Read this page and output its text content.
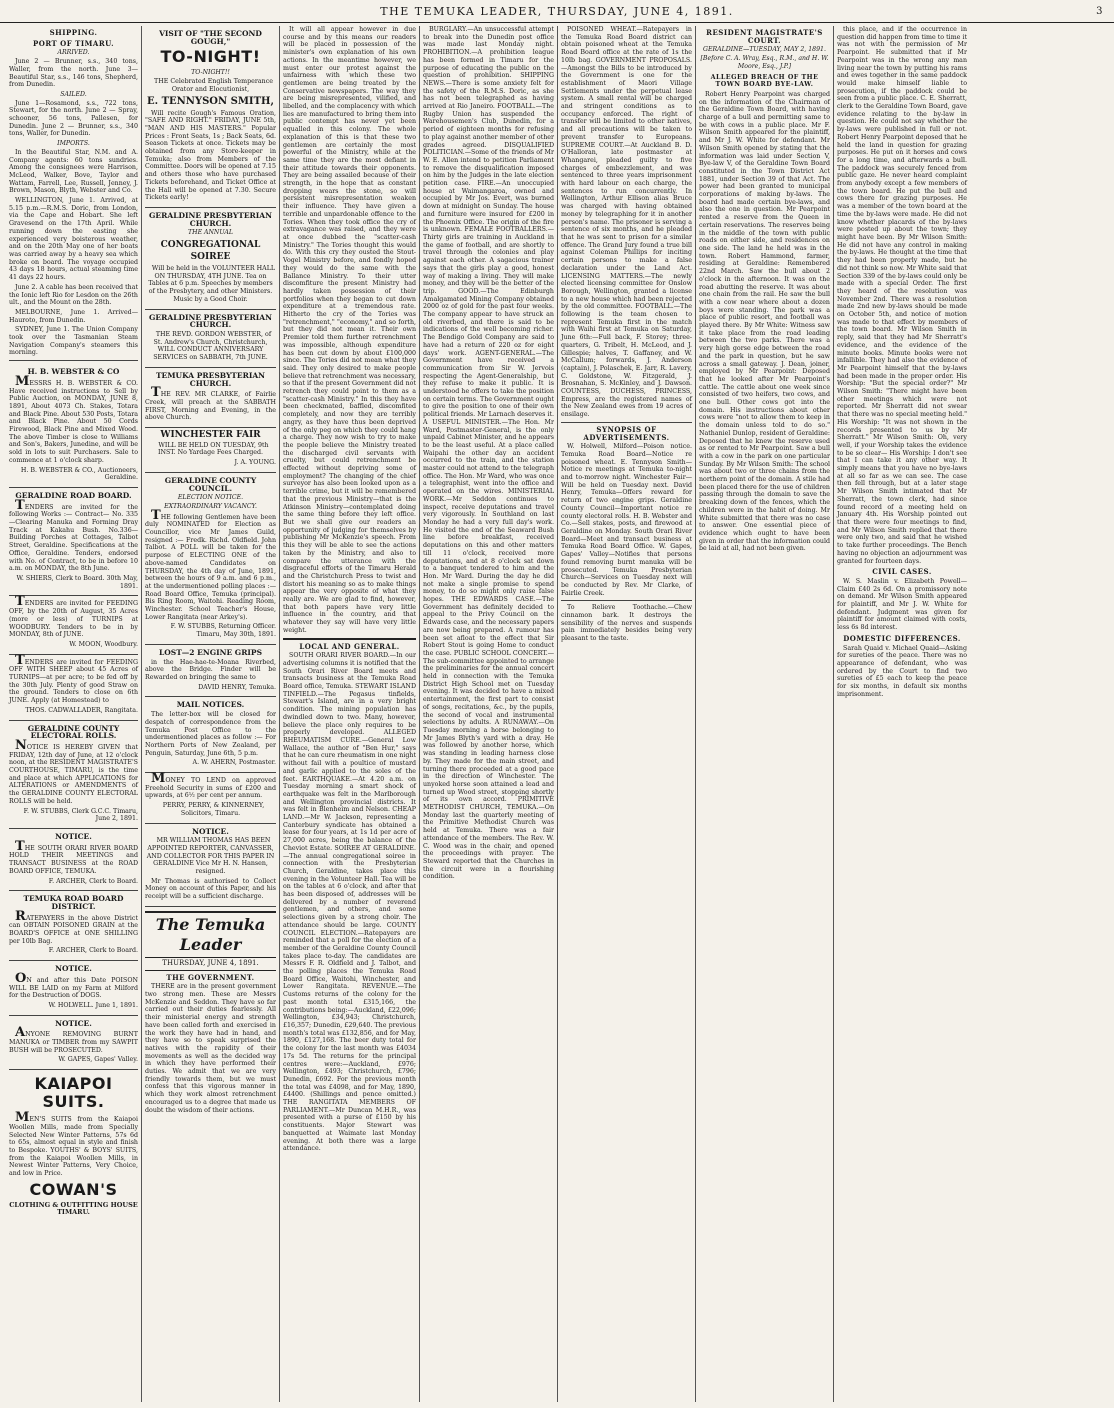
THE TEMUKA LEADER, THURSDAY, JUNE 4, 1891.	3
SHIPPING.
PORT OF TIMARU.
ARRIVED.

June 2 — Brunner, s.s., 340 tons, Waller, from the north. June 3—Beautiful Star, s.s., 146 tons, Shepherd, from Dunedin.

SAILED.

June 1—Rosamond, s.s., 722 tons, Stewart, for the north. June 2 — Spray, schooner, 56 tons, Pallesen, for Dunedin. June 2 — Brunner, s.s., 340 tons, Waller, for Dunedin.

IMPORTS.

In the Beautiful Star, N.M. and A. Company agents: 60 tons sundries. Among the consignees were Harrison, McLeod, Walker, Bove, Taylor and Wattam, Farrell, Lee, Russell, Jenney, J. Brown, Mason, Blyth, Webster and Co.

WELLINGTON, June 1. Arrived, at 5.15 p.m.—R.M.S. Doric, from London, via the Cape and Hobart. She left Gravesend on the 17th April. While running down the easting she experienced very boisterous weather, and on the 20th May one of her boats was carried away by a heavy sea which broke on board. The voyage occupied 43 days 18 hours, actual steaming time 41 days 22 hours.

June 2. A cable has been received that the Ionic left Rio for Lesdon on the 26th ult., and the Mount on the 28th.

MELBOURNE, June 1. Arrived—Hauroto, from Dunedin.

SYDNEY, June 1. The Union Company took over the Tasmanian Steam Navigation Company's steamers this morning.

H. B. WEBSTER & CO

MESSRS H. B. WEBSTER & CO. Have received instructions to Sell by Public Auction, on MONDAY, JUNE 8, 1891, About 4073 Ch. Stakes, Totara and Black Pine. About 530 Posts, Totara and Black Pine. About 50 Cords Firewood, Black Pine and Mixed Wood. The above Timber is close to Williams and Son's, Bakers, Junedine, and will be sold in lots to suit Purchasers. Sale to commence at 1 o'clock sharp.

H. B. WEBSTER & CO., Auctioneers, Geraldine.

GERALDINE ROAD BOARD.

TENDERS are invited for the following Works :— Contract— No. 335—Clearing Manuka and Forming Dray Track at Kakahu Bush. No.336—Building Porches at Cottages, Talbot Street, Geraldine. Specifications at the Office, Geraldine. Tenders, endorsed with No. of Contract, to be in before 10 a.m. on MONDAY, the 8th June.

W. SHIERS, Clerk to Board. 30th May, 1891.

TENDERS are invited for FEEDING OFF, by the 20th of August, 35 Acres (more or less) of TURNIPS at WOODBURY. Tenders to be in by MONDAY, 8th of JUNE.

W. MOON, Woodbury.

TENDERS are invited for FEEDING OFF WITH SHEEP about 45 Acres of TURNIPS—at per acre; to be fed off by the 30th July. Plenty of good Straw on the ground. Tenders to close on 6th JUNE. Apply (at Homestead) to

THOS. CADWALLADER, Rangitata.

GERALDINE COUNTY ELECTORAL ROLLS.

NOTICE IS HEREBY GIVEN that FRIDAY, 12th day of June, at 12 o'clock noon, at the RESIDENT MAGISTRATE'S COURTHOUSE, TIMARU, is the time and place at which APPLICATIONS for ALTERATIONS or AMENDMENTS of the GERALDINE COUNTY ELECTORAL ROLLS will be held.

F. W. STUBBS, Clerk G.C.C. Timaru, June 2, 1891.

NOTICE.

THE SOUTH ORARI RIVER BOARD HOLD THEIR MEETINGS and TRANSACT BUSINESS at the ROAD BOARD OFFICE, TEMUKA.

F. ARCHER, Clerk to Board.

TEMUKA ROAD BOARD DISTRICT.

RATEPAYERS in the above District can OBTAIN POISONED GRAIN at the BOARD'S OFFICE at ONE SHILLING per 10lb Bag.

F. ARCHER, Clerk to Board.

NOTICE.

ON and after this Date POISON WILL BE LAID on my Farm at Milford for the Destruction of DOGS.

W. HOLWELL. June 1, 1891.

NOTICE.

ANYONE REMOVING BURNT MANUKA or TIMBER from my SAWPIT BUSH will be PROSECUTED.

W. GAPES, Gapes' Valley.

KAIAPOI SUITS.

MEN'S SUITS from the Kaiapoi Woollen Mills, made from Specially Selected New Winter Patterns, 57s 6d to 65s, almost equal in style and finish to Bespoke. YOUTHS' & BOYS' SUITS, from the Kaiapoi Woollen Mills, in Newest Winter Patterns, Very Choice, and low in Price.

COWAN'S
CLOTHING & OUTFITTING HOUSE TIMARU.
VISIT OF "THE SECOND GOUGH,"
TO-NIGHT!
TO-NIGHT!!

THE Celebrated English Temperance Orator and Elocutionist,

E. TENNYSON SMITH,

Will recite Gough's Famous Oration, "SAFE AND RIGHT." FRIDAY, JUNE 5th, "MAN AND HIS MASTERS." Popular Prices : Front Seats, 1s ; Back Seats, 6d. Season Tickets at once. Tickets may be obtained from any Store-keeper in Temuka; also from Members of the Committee. Doors will be opened at 7.15 and others those who have purchased Tickets beforehand, and Ticket Office at the Hall will be opened at 7.30. Secure Tickets early!

GERALDINE PRESBYTERIAN CHURCH.
THE ANNUAL
CONGREGATIONAL SOIREE

Will be held in the VOLUNTEER HALL ON THURSDAY, 4TH JUNE. Tea on Tables at 6 p.m. Speeches by members of the Presbytery, and other Ministers. Music by a Good Choir.

GERALDINE PRESBYTERIAN CHURCH.

THE REVD. GORDON WEBSTER, of St. Andrew's Church, Christchurch, WILL CONDUCT ANNIVERSARY SERVICES on SABBATH, 7th JUNE.

TEMUKA PRESBYTERIAN CHURCH.

THE REV. MR CLARKE, of Fairlie Creek, will preach at the SABBATH FIRST, Morning and Evening, in the above Church.

WINCHESTER FAIR

WILL BE HELD ON TUESDAY, 9th INST. No Yardage Fees Charged.

J. A. YOUNG.

GERALDINE COUNTY COUNCIL.
ELECTION NOTICE.
EXTRAORDINARY VACANCY.

THE following Gentlemen have been duly NOMINATED for Election as Councillor, vice Mr James Guild, resigned :— Fredk. Richd. Oldfield. John Talbot. A POLL will be taken for the purpose of ELECTING ONE of the above-named Candidates on THURSDAY, the 4th day of June, 1891, between the hours of 9 a.m. and 6 p.m., at the undermentioned polling places :— Road Board Office, Temuka (principal). Bis Ring Room, Waitohi. Reading Room, Winchester. School Teacher's House, Lower Rangitata (near Arkey's).

F. W. STUBBS, Returning Officer. Timaru, May 30th, 1891.

LOST—2 ENGINE GRIPS

in the Hae-hae-te-Moana Riverbed, above the Bridge. Finder will be Rewarded on bringing the same to

DAVID HENRY, Temuka.

MAIL NOTICES.

The letter-box will be closed for despatch of correspondence from the Temuka Post Office to the undermentioned places as follow :— For Northern Ports of New Zealand, per Penguin, Saturday, June 6th, 5 p.m.

A. W. AHERN, Postmaster.

MONEY TO LEND on approved Freehold Security in sums of £200 and upwards, at 6½ per cent per annum.

PERRY, PERRY, & KINNERNEY, Solicitors, Timaru.

NOTICE.

MR WILLIAM THOMAS HAS BEEN APPOINTED REPORTER, CANVASSER, AND COLLECTOR FOR THIS PAPER IN GERALDINE Vice Mr H. N. Hansen, resigned.

Mr Thomas is authorised to Collect Money on account of this Paper, and his receipt will be a sufficient discharge.

The Temuka Leader
THURSDAY, JUNE 4, 1891.
THE GOVERNMENT.

THERE are in the present government two strong men. These are Messrs McKenzie and Seddon. They have so far carried out their duties fearlessly. All their ministerial energy and strength have been called forth and exercised in the work they have had in hand, and they have so to speak surprised the natives with the rapidity of their movements as well as the decided way in which they have performed their duties. We admit that we are very friendly towards them, but we must confess that this vigorous manner in which they work almost retrenchment encouraged us to a degree that made us doubt the wisdom of their actions.

It will all appear however in due course and by this means our readers will be placed in possession of the minister's own explanation of his own actions. In the meantime however, we must enter our protest against the unfairness with which these two gentlemen are being treated by the Conservative newspapers. The way they are being misrepresented, vilified, and libelled, and the complacency with which lies are manufactured to bring them into public contempt has never yet been equalled in this colony. The whole explanation of this is that these two gentlemen are certainly the most powerful of the Ministry, while at the same time they are the most defiant in their attitude towards their opponents. They are being assailed because of their strength, in the hope that as constant dropping wears the stone, so will persistent misrepresentation weaken their influence. They have given a terrible and unpardonable offence to the Tories. When they took office the cry of extravagance was raised, and they were at once dubbed the "scatter-cash Ministry." The Tories thought this would do. With this cry they ousted the Stout-Vogel Ministry before, and fondly hoped they would do the same with the Ballance Ministry. To their utter discomfiture the present Ministry had hardly taken possession of their portfolios when they began to cut down expenditure at a tremendous rate. Hitherto the cry of the Tories was "retrenchment," "economy," and so forth, but they did not mean it. Their own Premier told them further retrenchment was impossible, although expenditure has been cut down by about £100,000 since. The Tories did not mean what they said. They only desired to make people believe that retrenchment was necessary, so that if the present Government did not retrench they could point to them as a "scatter-cash Ministry." In this they have been checkmated, baffled, discomfited completely, and now they are terribly angry, as they have thus been deprived of the only peg on which they could hang a charge. They now wish to try to make the people believe the Ministry treated the discharged civil servants with cruelty, but could retrenchment be effected without depriving some of employment? The changing of the chief surveyor has also been looked upon as a terrible crime, but it will be remembered that the previous Ministry—that is the Atkinson Ministry—contemplated doing the same thing before they left office. But we shall give our readers an opportunity of judging for themselves by publishing Mr McKenzie's speech. From this they will be able to see the actions taken by the Ministry, and also to compare the utterance with the disgraceful efforts of the Timaru Herald and the Christchurch Press to twist and distort his meaning so as to make things appear the very opposite of what they really are. We are glad to find, however, that both papers have very little influence in the country, and that whatever they say will have very little weight.

LOCAL AND GENERAL.

SOUTH ORARI RIVER BOARD.—In our advertising columns it is notified that the South Orari River Board meets and transacts business at the Temuka Road Board office, Temuka. STEWART ISLAND TINFIELD.—The Pegasus tinfields, Stewart's Island, are in a very bright condition. The mining population has dwindled down to two. Many, however, believe the place only requires to be properly developed. ALLEGED RHEUMATISM CURE.—General Low Wallace, the author of "Ben Hur," says that he can cure rheumatism in one night without fail with a poultice of mustard and garlic applied to the soles of the feet. EARTHQUAKE.—At 4.20 a.m. on Tuesday morning a smart shock of earthquake was felt in the Marlborough and Wellington provincial districts. It was felt in Blenheim and Nelson. CHEAP LAND.—Mr W. Jackson, representing a Canterbury syndicate has obtained a lease for four years, at 1s 1d per acre of 27,000 acres, being the balance of the Cheviot Estate. SOIREE AT GERALDINE.—The annual congregational soiree in connection with the Presbyterian Church, Geraldine, takes place this evening in the Volunteer Hall. Tea will be on the tables at 6 o'clock, and after that has been disposed of, addresses will be delivered by a number of reverend gentlemen, and others, and some selections given by a strong choir. The attendance should be large. COUNTY COUNCIL ELECTION.—Ratepayers are reminded that a poll for the election of a member of the Geraldine County Council takes place to-day. The candidates are Messrs F. R. Oldfield and J. Talbot, and the polling places the Temuka Road Board Office, Waitohi, Winchester, and Lower Rangitata. REVENUE.—The Customs returns of the colony for the past month total £315,166, the contributions being:—Auckland, £22,096; Wellington, £34,943; Christchurch, £16,357; Dunedin, £29,640. The previous month's total was £132,856, and for May, 1890, £127,168. The beer duty total for the colony for the last month was £4034 17s 5d. The returns for the principal centres were:—Auckland, £976; Wellington, £493; Christchurch, £796; Dunedin, £692. For the previous month the total was £4098, and for May, 1890, £4400. (Shillings and pence omitted.) THE RANGITATA MEMBERS OF PARLIAMENT.—Mr Duncan M.H.R., was presented with a purse of £150 by his constituents. Major Stewart was banquetted at Waimate last Monday evening. At both there was a large attendance.

BURGLARY.—An unsuccessful attempt to break into the Dunedin post office was made last Monday night. PROHIBITION.—A prohibition league has been formed in Timaru for the purpose of educating the public on the question of prohibition. SHIPPING NEWS.—There is some anxiety felt for the safety of the R.M.S. Doric, as she has not been telegraphed as having arrived at Rio Janeiro. FOOTBALL.—The Rugby Union has suspended the Warehousemen's Club, Dunedin, for a period of eighteen months for refusing to play against another member of other grades agreed. DISQUALIFIED POLITICIAN.—Some of the friends of Mr W. E. Allen intend to petition Parliament to remove the disqualification imposed on him by the Judges in the late election petition case. FIRE.—An unoccupied house at Waimangaroa, owned and occupied by Mr Jos. Evert, was burned down at midnight on Sunday. The house and furniture were insured for £200 in the Phoenix Office. The origin of the fire is unknown. FEMALE FOOTBALLERS.—Thirty girls are training in Auckland in the game of football, and are shortly to travel through the colonies and play against each other. A sagacious trainer says that the girls play a good, honest way of making a living. They will make money, and they will be the better of the trip. GOOD.—The Edinburgh Amalgamated Mining Company obtained 2000 oz of gold for the past four weeks. The company appear to have struck an old riverbed, and there is said to be indications of the well becoming richer. The Bendigo Gold Company are said to have had a return of 220 oz for eight days' work. AGENT-GENERAL.—The Government have received a communication from Sir W. Jervois respecting the Agent-Generalship, but they refuse to make it public. It is understood he offers to take the position on certain terms. The Government ought to give the position to one of their own political friends. Mr Larnach deserves it. A USEFUL MINISTER.—The Hon. Mr Ward, Postmaster-General, is the only unpaid Cabinet Minister, and he appears to be the least useful. At a place called Waipahi the other day an accident occurred to the train, and the station master could not attend to the telegraph office. The Hon. Mr Ward, who was once a telegraphist, went into the office and operated on the wires. MINISTERIAL WORK.—Mr Seddon continues to inspect, receive deputations and travel very vigorously. In Southland on last Monday he had a very full day's work. He visited the end of the Seaward Bush line before breakfast, received deputations on this and other matters till 11 o'clock, received more deputations, and at 8 o'clock sat down to a banquet tendered to him and the Hon. Mr Ward. During the day he did not make a single promise to spend money, to do so might only raise false hopes. THE EDWARDS CASE.—The Government has definitely decided to appeal to the Privy Council on the Edwards case, and the necessary papers are now being prepared. A rumour has been set afloat to the effect that Sir Robert Stout is going Home to conduct the case. PUBLIC SCHOOL CONCERT.—The sub-committee appointed to arrange the preliminaries for the annual concert held in connection with the Temuka District High School met on Tuesday evening. It was decided to have a mixed entertainment, the first part to consist of songs, recitations, &c., by the pupils, the second of vocal and instrumental selections by adults. A RUNAWAY.—On Tuesday morning a horse belonging to Mr James Blyth's yard with a dray. He was followed by another horse, which was standing in leading harness close by. They made for the main street, and turning there proceeded at a good pace in the direction of Winchester. The unyoked horse soon attained a lead and turned up Wood street, stopping shortly of its own accord. PRIMITIVE METHODIST CHURCH, TEMUKA.—On Monday last the quarterly meeting of the Primitive Methodist Church was held at Temuka. There was a fair attendance of the members. The Rev. W. C. Wood was in the chair, and opened the proceedings with prayer. The Steward reported that the Churches in the circuit were in a flourishing condition.

POISONED WHEAT.—Ratepayers in the Temuka Road Board district can obtain poisoned wheat at the Temuka Road Board office at the rate of 1s the 10lb bag. GOVERNMENT PROPOSALS.—Amongst the Bills to be introduced by the Government is one for the establishment of Maori Village Settlements under the perpetual lease system. A small rental will be charged and stringent conditions as to occupancy enforced. The right of transfer will be limited to other natives, and all precautions will be taken to prevent transfer to Europeans. SUPREME COURT.—At Auckland B. D. O'Halloran, late postmaster at Whangarei, pleaded guilty to five charges of embezzlement, and was sentenced to three years imprisonment with hard labour on each charge, the sentences to run concurrently. In Wellington, Arthur Ellison alias Bruce was charged with having obtained money by telegraphing for it in another person's name. The prisoner is serving a sentence of six months, and he pleaded that he was sent to prison for a similar offence. The Grand Jury found a true bill against Coleman Phillips for inciting certain persons to make a false declaration under the Land Act. LICENSING MATTERS.—The newly elected licensing committee for Onslow Borough, Wellington, granted a license to a new house which had been rejected by the old committee. FOOTBALL.—The following is the team chosen to represent Temuka first in the match with Waihi first at Temuka on Saturday, June 6th:—Full back, F. Storey; three-quarters, G. Tribelt, H. McLeod, and J. Gillespie; halves, T. Gaffaney, and W. McCallum; forwards, J. Anderson (captain), J. Polaschek, E. Jarr, R. Lavery, C. Goldstone, W. Fitzgerald, J. Brosnahan, S. McKinley, and J. Dawson. COUNTESS, DUCHESS, PRINCESS, Empress, are the registered names of the New Zealand ewes from 19 acres of ensilage.

SYNOPSIS OF ADVERTISEMENTS.

W. Holwell, Milford—Poison notice. Temuka Road Board—Notice re poisoned wheat. E. Tennyson Smith—Notice re meetings at Temuka to-night and to-morrow night. Winchester Fair—Will be held on Tuesday next. David Henry, Temuka—Offers reward for return of two engine grips. Geraldine County Council—Important notice re county electoral rolls. H. B. Webster and Co.—Sell stakes, posts, and firewood at Geraldine on Monday. South Orari River Board—Meet and transact business at Temuka Road Board Office. W. Gapes, Gapes' Valley—Notifies that persons found removing burnt manuka will be prosecuted. Temuka Presbyterian Church—Services on Tuesday next will be conducted by Rev. Mr Clarke, of Fairlie Creek.

To Relieve Toothache.—Chew cinnamon bark. It destroys the sensibility of the nerves and suspends pain immediately besides being very pleasant to the taste.

RESIDENT MAGISTRATE'S COURT.
GERALDINE—TUESDAY, MAY 2, 1891.
[Before C. A. Wray, Esq., R.M., and H. W. Moore, Esq., J.P.]
ALLEGED BREACH OF THE TOWN BOARD BYE-LAW.

Robert Henry Pearpoint was charged on the information of the Chairman of the Geraldine Town Board, with having charge of a bull and permitting same to be with cows in a public place. Mr F. Wilson Smith appeared for the plaintiff, and Mr J. W. White for defendant. Mr Wilson Smith opened by stating that the information was laid under Section V, Bye-law V, of the Geraldine Town Board constituted in the Town District Act 1881, under Section 39 of that Act. The power had been granted to municipal corporations of making by-laws. The board had made certain bye-laws, and also the one in question. Mr Pearpoint rented a reserve from the Queen in certain reservations. The reserves being in the middle of the town with public roads on either side, and residences on one side. The land he held was in the town. Robert Hammond, farmer, residing at Geraldine: Remembered 22nd March. Saw the bull about 2 o'clock in the afternoon. It was on the road abutting the reserve. It was about one chain from the rail. He saw the bull with a cow near where about a dozen boys were standing. The park was a place of public resort, and football was played there. By Mr White: Witness saw it take place from the road leading between the two parks. There was a very high gorse edge between the road and the park in question, but he saw across a small gateway. J. Dean, joiner, employed by Mr Pearpoint: Deposed that he looked after Mr Pearpoint's cattle. The cattle about one week since consisted of two heifers, two cows, and one bull. Other cows got into the domain. His instructions about other cows were "not to allow them to keep in the domain unless told to do so." Nathaniel Dunlop, resident of Geraldine: Deposed that he knew the reserve used as or rented to Mr Pearpoint. Saw a bull with a cow in the park on one particular Sunday. By Mr Wilson Smith: The school was about two or three chains from the northern point of the domain. A stile had been placed there for the use of children passing through the domain to save the breaking down of the fences, which the children were in the habit of doing. Mr White submitted that there was no case to answer. One essential piece of evidence which ought to have been given in order that the information could be laid at all, had not been given.

this place, and if the occurrence in question did happen from time to time it was not with the permission of Mr Pearpoint. He submitted that if Mr Pearpoint was in the wrong any man living near the town by putting his rams and ewes together in the same paddock would make himself liable to prosecution, if the paddock could be seen from a public place. C. E. Sherratt, clerk to the Geraldine Town Board, gave evidence relating to the by-law in question. He could not say whether the by-laws were published in full or not. Robert Henry Pearpoint deposed that he held the land in question for grazing purposes. He put on it horses and cows for a long time, and afterwards a bull. The paddock was securely fenced from public gaze. He never heard complaint from anybody except a few members of the town board. He put the bull and cows there for grazing purposes. He was a member of the town board at the time the by-laws were made. He did not know whether placards of the by-laws were posted up about the town; they might have been. By Mr Wilson Smith: He did not have any control in making the by-laws. He thought at the time that they had been properly made, but he did not think so now. Mr White said that Section 339 of the by-laws could only be made with a special Order. The first they heard of the resolution was November 2nd. There was a resolution made 2nd new by-laws should be made on October 5th, and notice of motion was made to that effect by members of the town board. Mr Wilson Smith in reply, said that they had Mr Sherratt's evidence, and the evidence of the minute books. Minute books were not infallible. They had also the evidence of Mr Pearpoint himself that the by-laws had been made in the proper order. His Worship: "But the special order?" Mr Wilson Smith: "There might have been other meetings which were not reported. Mr Sherratt did not swear that there was no special meeting held." His Worship: "It was not shown in the records presented to us by Mr Sherratt." Mr Wilson Smith: Oh, very well, if your Worship takes the evidence to be so clear— His Worship: I don't see that I can take it any other way. It simply means that you have no bye-laws at all so far as we can see. The case then fell through, but at a later stage Mr Wilson Smith intimated that Mr Sherratt, the town clerk, had since found record of a meeting held on January 4th. His Worship pointed out that there were four meetings to find, and Mr Wilson Smith replied that there were only two, and said that he wished to take further proceedings. The Bench having no objection an adjournment was granted for fourteen days.

CIVIL CASES.

W. S. Maslin v. Elizabeth Powell—Claim £40 2s 6d. On a promissory note on demand. Mr Wilson Smith appeared for plaintiff, and Mr J. W. White for defendant. Judgment was given for plaintiff for amount claimed with costs, less 6s 8d interest.

DOMESTIC DIFFERENCES.

Sarah Quaid v. Michael Quaid—Asking for sureties of the peace. There was no appearance of defendant, who was ordered by the Court to find two sureties of £5 each to keep the peace for six months, in default six months imprisonment.
